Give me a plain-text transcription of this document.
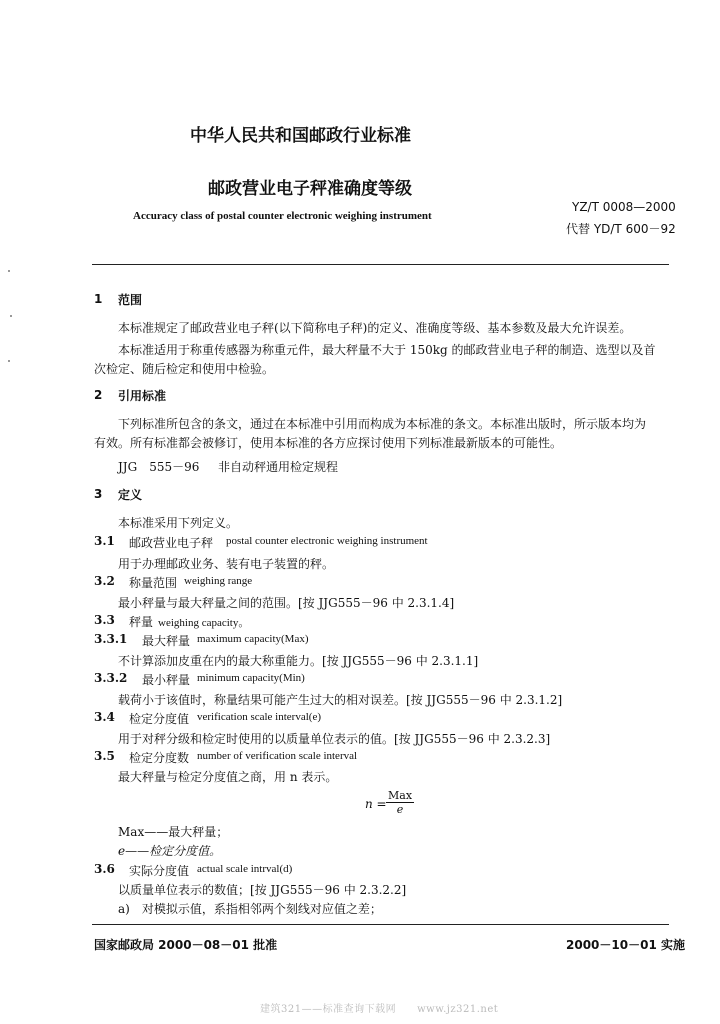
中华人民共和国邮政行业标准
邮政营业电子秤准确度等级
Accuracy class of postal counter electronic weighing instrument
YZ/T 0008—2000
代替 YD/T 600－92
1 范围
本标准规定了邮政营业电子秤(以下简称电子秤)的定义、准确度等级、基本参数及最大允许误差。
本标准适用于称重传感器为称重元件，最大秤量不大于 150kg 的邮政营业电子秤的制造、选型以及首
次检定、随后检定和使用中检验。
2 引用标准
下列标准所包含的条文，通过在本标准中引用而构成为本标准的条文。本标准出版时，所示版本均为
有效。所有标准都会被修订，使用本标准的各方应探讨使用下列标准最新版本的可能性。
JJG　555－96 非自动秤通用检定规程
3 定义
本标准采用下列定义。
3.1 邮政营业电子秤 postal counter electronic weighing instrument
用于办理邮政业务、装有电子装置的秤。
3.2 称量范围 weighing range
最小秤量与最大秤量之间的范围。[按 JJG555－96 中 2.3.1.4]
3.3 秤量 weighing capacity。
3.3.1 最大秤量 maximum capacity(Max)
不计算添加皮重在内的最大称重能力。[按 JJG555－96 中 2.3.1.1]
3.3.2 最小秤量 minimum capacity(Min)
载荷小于该值时，称量结果可能产生过大的相对误差。[按 JJG555－96 中 2.3.1.2]
3.4 检定分度值 verification scale interval(e)
用于对秤分级和检定时使用的以质量单位表示的值。[按 JJG555－96 中 2.3.2.3]
3.5 检定分度数 number of verification scale interval
最大秤量与检定分度值之商，用 n 表示。
n =
Max
e
Max——最大秤量；
e——检定分度值。
3.6 实际分度值 actual scale intrval(d)
以质量单位表示的数值；[按 JJG555－96 中 2.3.2.2]
a)　对模拟示值，系指相邻两个刻线对应值之差；
国家邮政局 2000－08－01 批准	2000－10－01 实施
建筑321——标准查询下载网　　www.jz321.net
